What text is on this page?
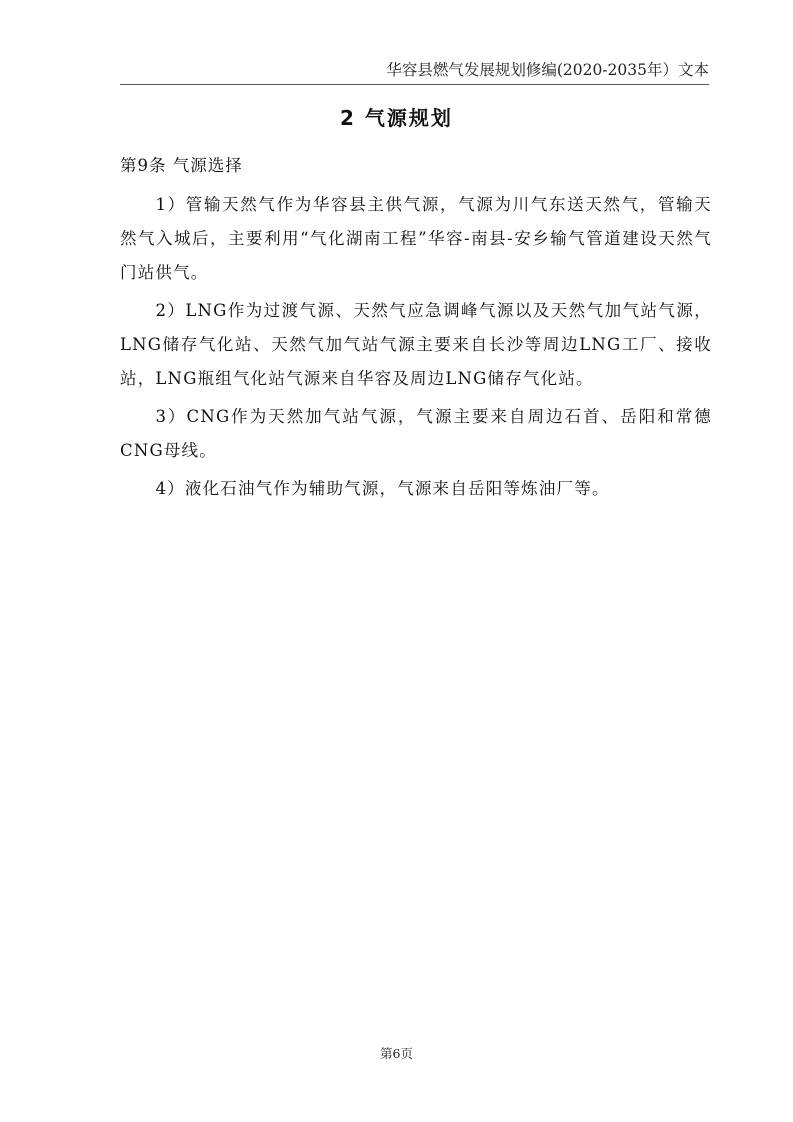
华容县燃气发展规划修编(2020-2035年）文本
2 气源规划
第9条 气源选择

1）管输天然气作为华容县主供气源，气源为川气东送天然气，管输天然气入城后，主要利用“气化湖南工程”华容-南县-安乡输气管道建设天然气门站供气。

2）LNG作为过渡气源、天然气应急调峰气源以及天然气加气站气源，LNG储存气化站、天然气加气站气源主要来自长沙等周边LNG工厂、接收站，LNG瓶组气化站气源来自华容及周边LNG储存气化站。

3）CNG作为天然加气站气源，气源主要来自周边石首、岳阳和常德CNG母线。

4）液化石油气作为辅助气源，气源来自岳阳等炼油厂等。

第6页
